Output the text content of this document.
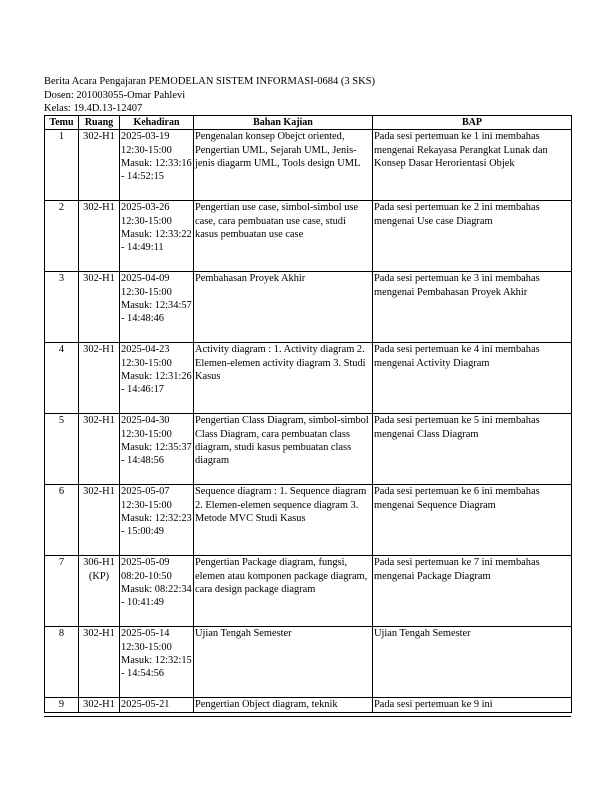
Berita Acara Pengajaran PEMODELAN SISTEM INFORMASI-0684 (3 SKS)
Dosen: 201003055-Omar Pahlevi
Kelas: 19.4D.13-12407
Temu	Ruang	Kehadiran	Bahan Kajian	BAP
1	302-H1	2025-03-19 12:30-15:00 Masuk: 12:33:16 - 14:52:15	Pengenalan konsep Obejct oriented, Pengertian UML, Sejarah UML, Jenis-jenis diagarm UML, Tools design UML	Pada sesi pertemuan ke 1 ini membahas mengenai Rekayasa Perangkat Lunak dan Konsep Dasar Herorientasi Objek
2	302-H1	2025-03-26 12:30-15:00 Masuk: 12:33:22 - 14:49:11	Pengertian use case, simbol-simbol use case, cara pembuatan use case, studi kasus pembuatan use case	Pada sesi pertemuan ke 2 ini membahas mengenai Use case Diagram
3	302-H1	2025-04-09 12:30-15:00 Masuk: 12:34:57 - 14:48:46	Pembahasan Proyek Akhir	Pada sesi pertemuan ke 3 ini membahas mengenai Pembahasan Proyek Akhir
4	302-H1	2025-04-23 12:30-15:00 Masuk: 12:31:26 - 14:46:17	Activity diagram : 1. Activity diagram 2. Elemen-elemen activity diagram 3. Studi Kasus	Pada sesi pertemuan ke 4 ini membahas mengenai Activity Diagram
5	302-H1	2025-04-30 12:30-15:00 Masuk: 12:35:37 - 14:48:56	Pengertian Class Diagram, simbol-simbol Class Diagram, cara pembuatan class diagram, studi kasus pembuatan class diagram	Pada sesi pertemuan ke 5 ini membahas mengenai Class Diagram
6	302-H1	2025-05-07 12:30-15:00 Masuk: 12:32:23 - 15:00:49	Sequence diagram : 1. Sequence diagram 2. Elemen-elemen sequence diagram 3. Metode MVC Studi Kasus	Pada sesi pertemuan ke 6 ini membahas mengenai Sequence Diagram
7	306-H1 (KP)	2025-05-09 08:20-10:50 Masuk: 08:22:34 - 10:41:49	Pengertian Package diagram, fungsi, elemen atau komponen package diagram, cara design package diagram	Pada sesi pertemuan ke 7 ini membahas mengenai Package Diagram
8	302-H1	2025-05-14 12:30-15:00 Masuk: 12:32:15 - 14:54:56	Ujian Tengah Semester	Ujian Tengah Semester
9	302-H1	2025-05-21	Pengertian Object diagram, teknik	Pada sesi pertemuan ke 9 ini
